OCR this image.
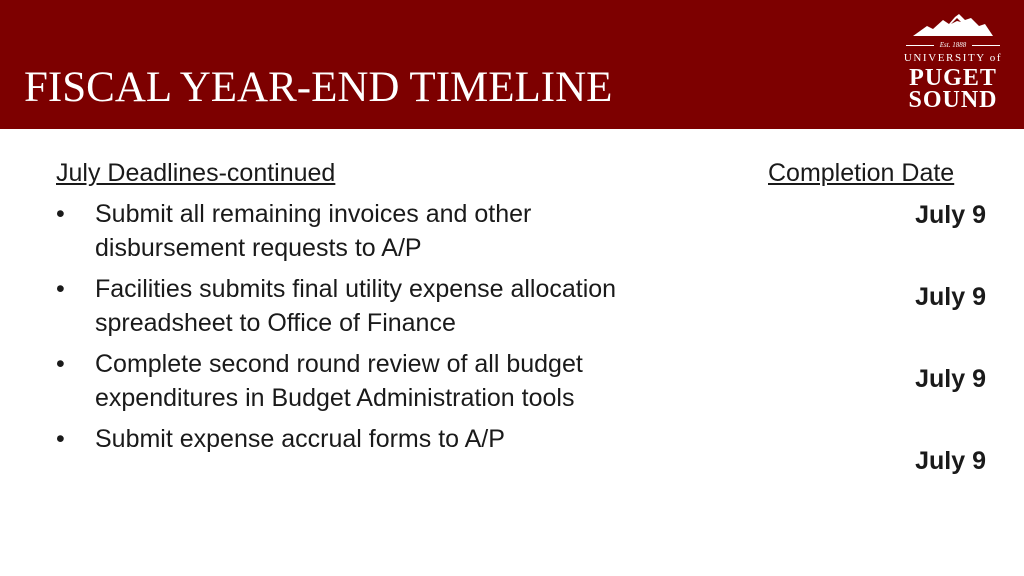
FISCAL YEAR-END TIMELINE
Est. 1888
UNIVERSITY of
PUGET
SOUND
July Deadlines-continued	Completion Date
• Submit all remaining invoices and other disbursement requests to A/P
July 9
• Facilities submits final utility expense allocation spreadsheet to Office of Finance
July 9
• Complete second round review of all budget expenditures in Budget Administration tools
July 9
• Submit expense accrual forms to A/P
July 9
